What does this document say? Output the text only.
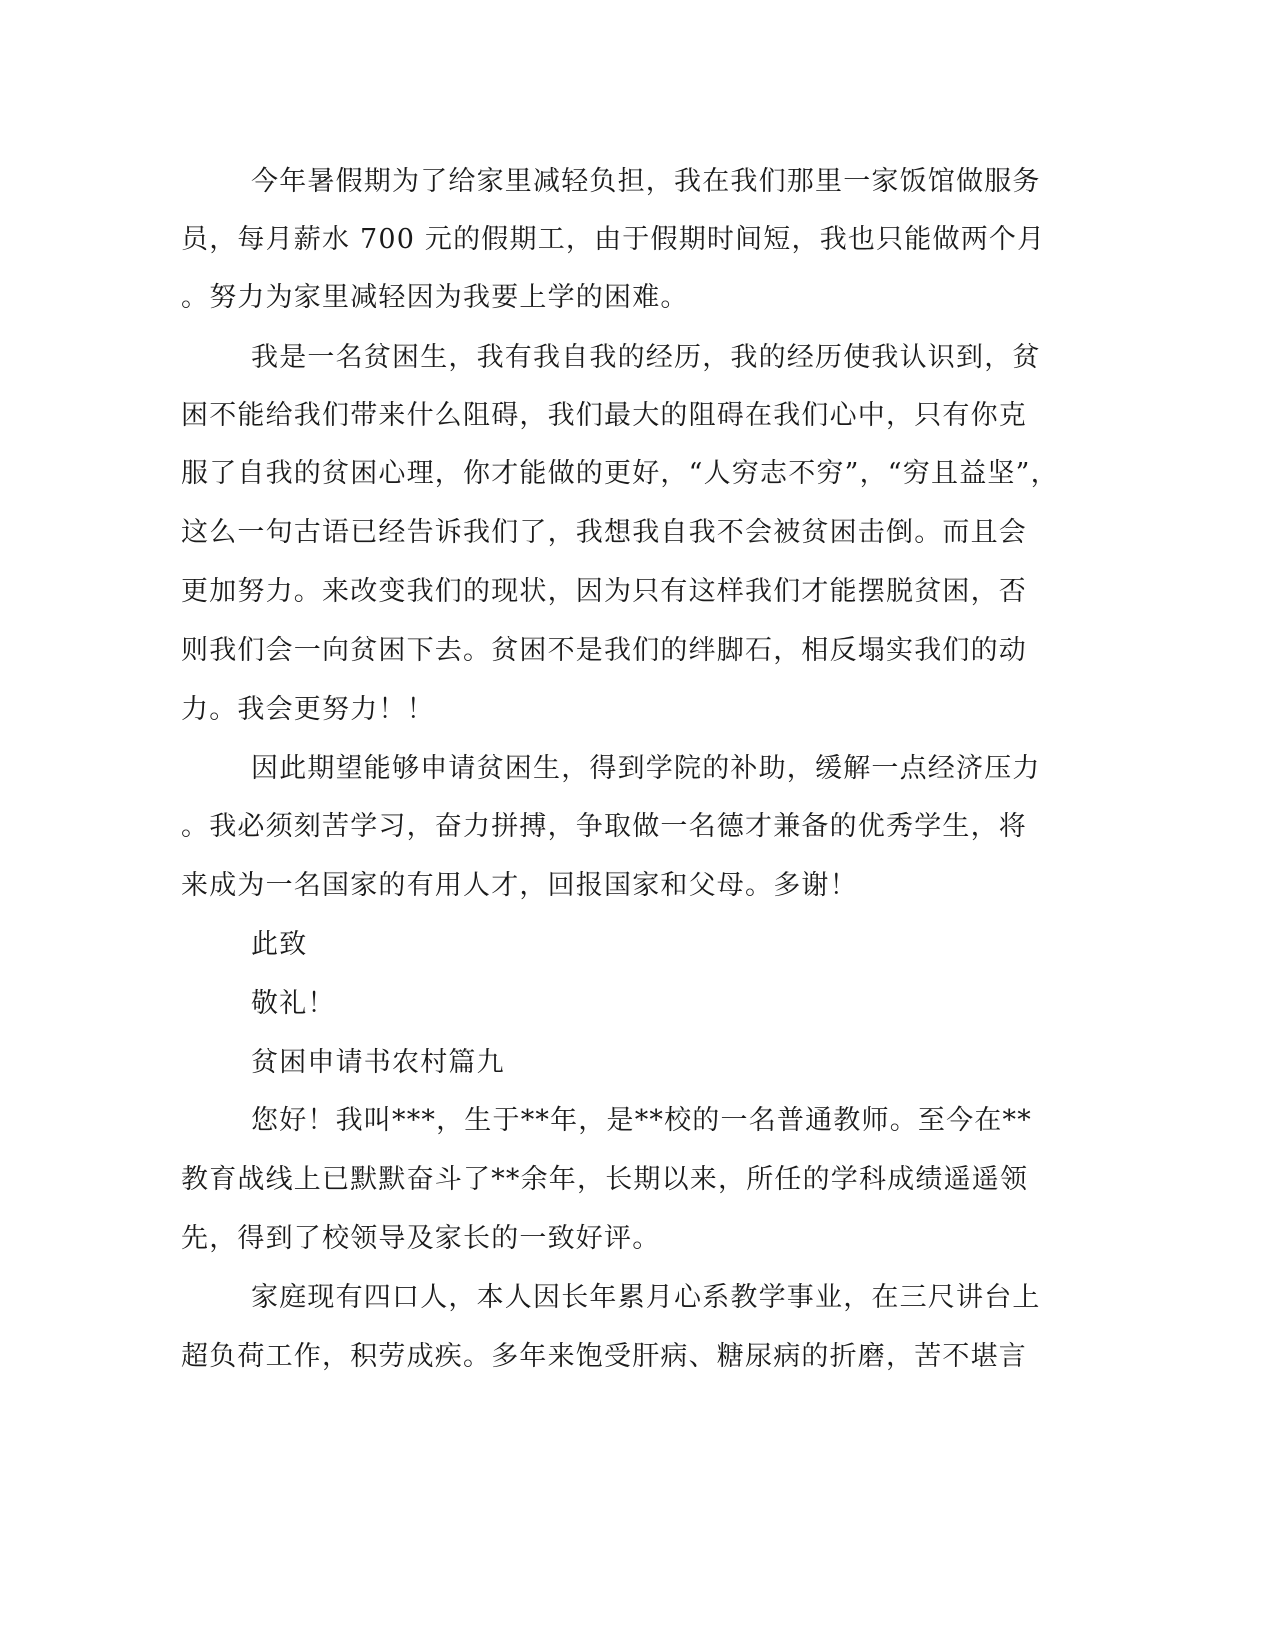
今年暑假期为了给家里减轻负担，我在我们那里一家饭馆做服务
员，每月薪水 700 元的假期工，由于假期时间短，我也只能做两个月
。努力为家里减轻因为我要上学的困难。
我是一名贫困生，我有我自我的经历，我的经历使我认识到，贫
困不能给我们带来什么阻碍，我们最大的阻碍在我们心中，只有你克
服了自我的贫困心理，你才能做的更好，“人穷志不穷”，“穷且益坚”，
这么一句古语已经告诉我们了，我想我自我不会被贫困击倒。而且会
更加努力。来改变我们的现状，因为只有这样我们才能摆脱贫困，否
则我们会一向贫困下去。贫困不是我们的绊脚石，相反塌实我们的动
力。我会更努力！！
因此期望能够申请贫困生，得到学院的补助，缓解一点经济压力
。我必须刻苦学习，奋力拼搏，争取做一名德才兼备的优秀学生，将
来成为一名国家的有用人才，回报国家和父母。多谢！
此致
敬礼！
贫困申请书农村篇九
您好！我叫***，生于**年，是**校的一名普通教师。至今在**
教育战线上已默默奋斗了**余年，长期以来，所任的学科成绩遥遥领
先，得到了校领导及家长的一致好评。
家庭现有四口人，本人因长年累月心系教学事业，在三尺讲台上
超负荷工作，积劳成疾。多年来饱受肝病、糖尿病的折磨，苦不堪言
